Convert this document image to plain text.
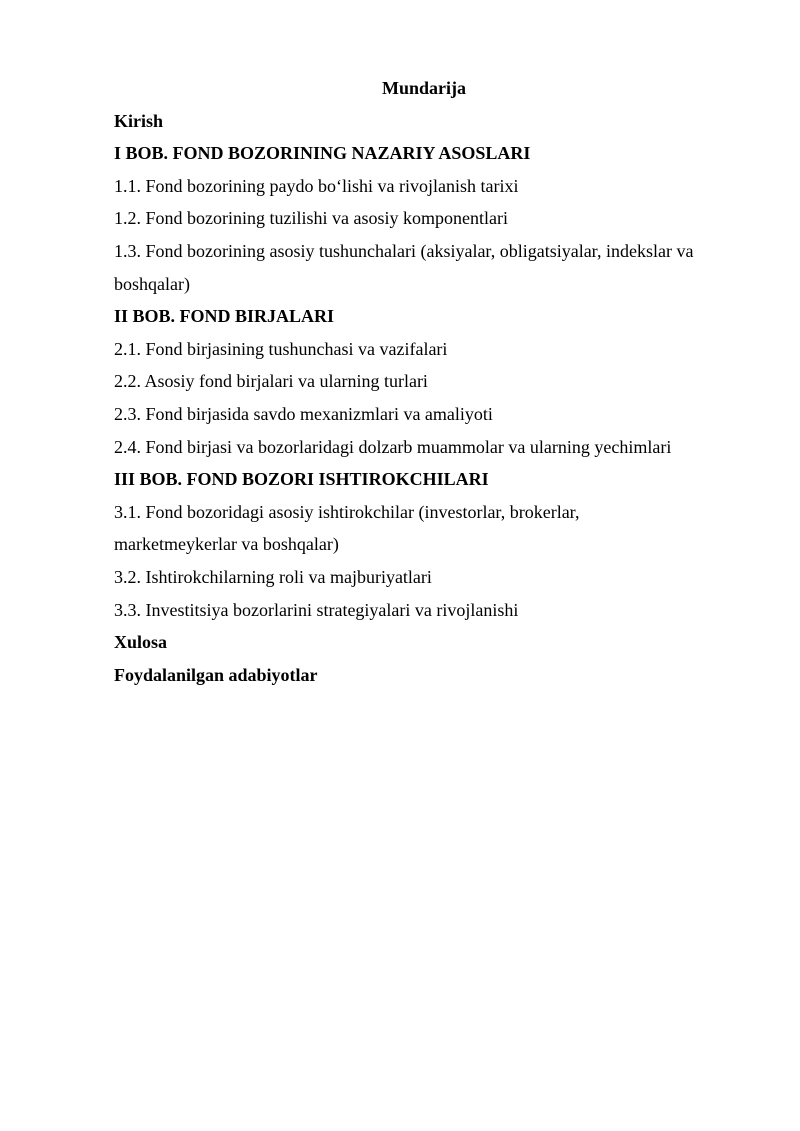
Mundarija

Kirish

I BOB. FOND BOZORINING NAZARIY ASOSLARI

1.1. Fond bozorining paydo bo‘lishi va rivojlanish tarixi

1.2. Fond bozorining tuzilishi va asosiy komponentlari

1.3. Fond bozorining asosiy tushunchalari (aksiyalar, obligatsiyalar, indekslar va boshqalar)

II BOB. FOND BIRJALARI

2.1. Fond birjasining tushunchasi va vazifalari

2.2. Asosiy fond birjalari va ularning turlari

2.3. Fond birjasida savdo mexanizmlari va amaliyoti

2.4. Fond birjasi va bozorlaridagi dolzarb muammolar va ularning yechimlari

III BOB. FOND BOZORI ISHTIROKCHILARI

3.1. Fond bozoridagi asosiy ishtirokchilar (investorlar, brokerlar, marketmeykerlar va boshqalar)

3.2. Ishtirokchilarning roli va majburiyatlari

3.3. Investitsiya bozorlarini strategiyalari va rivojlanishi

Xulosa

Foydalanilgan adabiyotlar
